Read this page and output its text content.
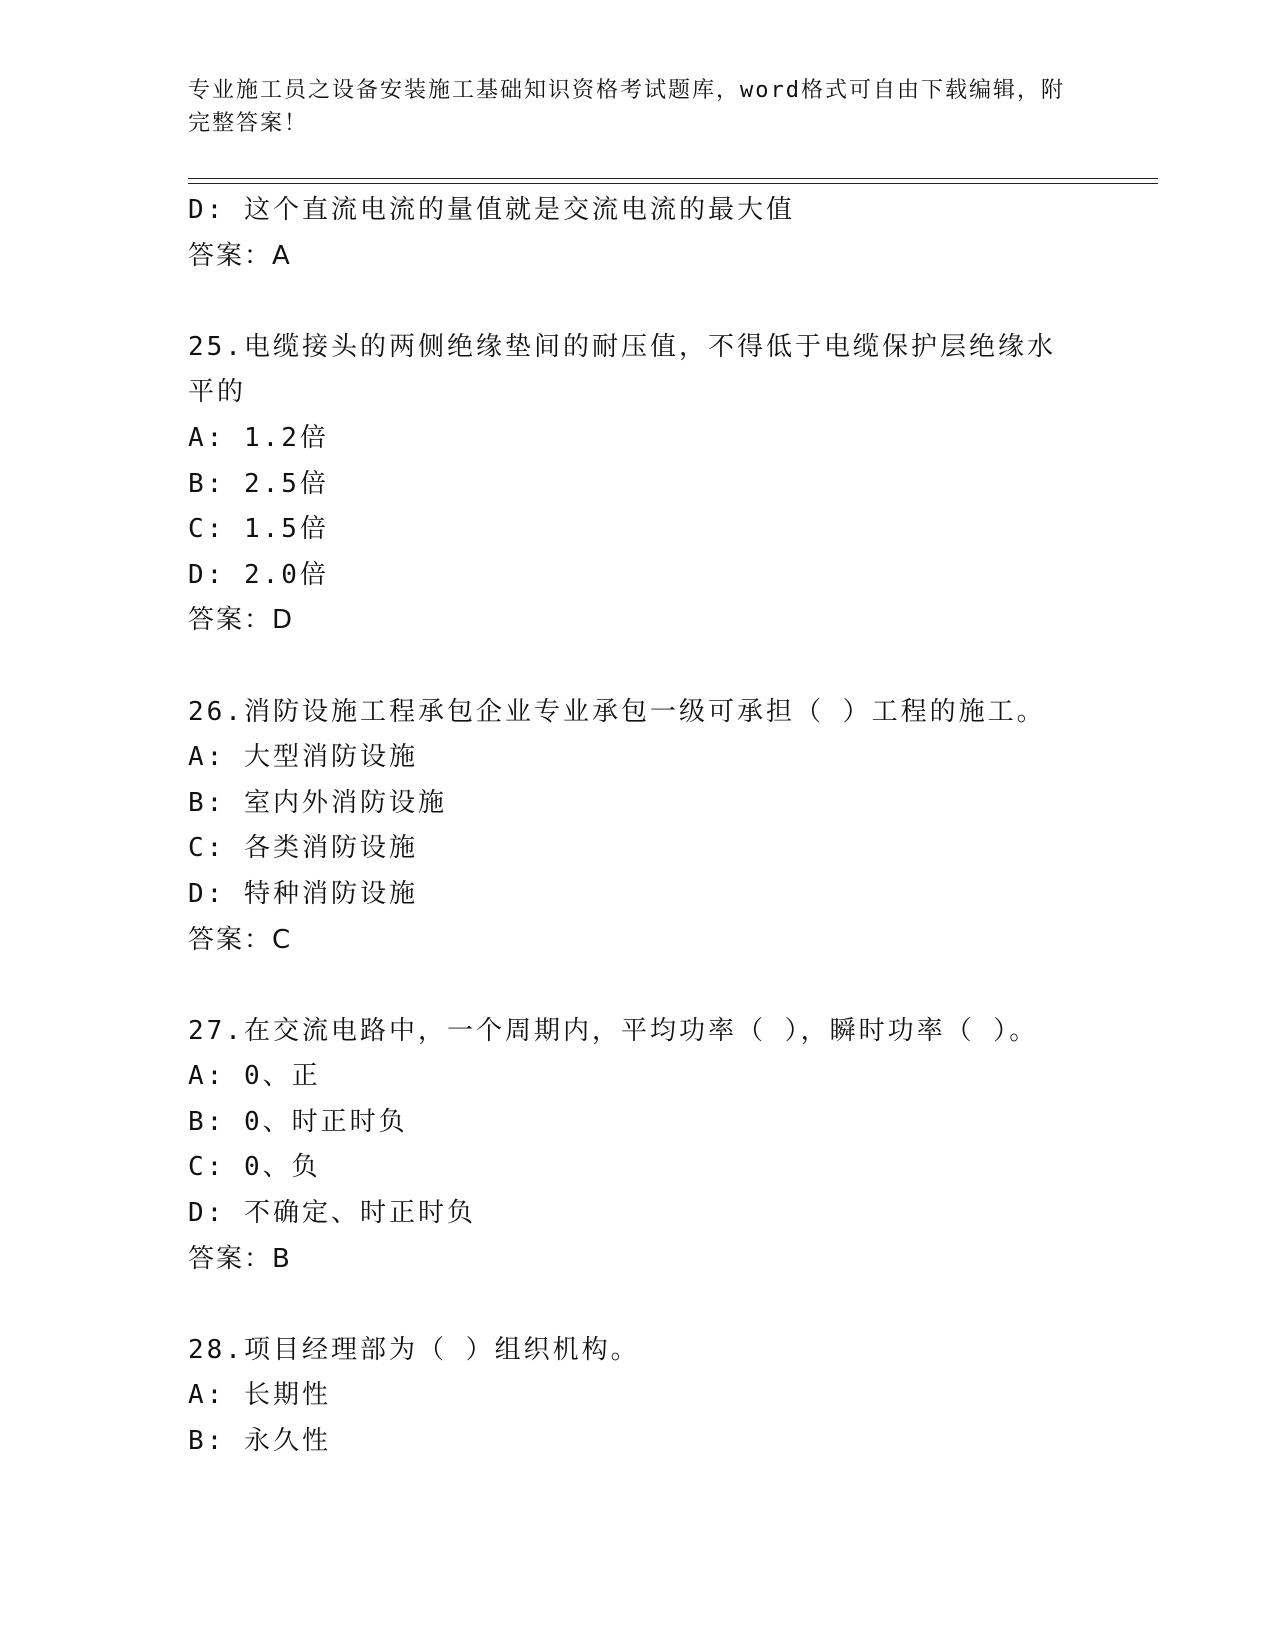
专业施工员之设备安装施工基础知识资格考试题库，word格式可自由下载编辑，附完整答案！
D: 这个直流电流的量值就是交流电流的最大值
答案：A
25.电缆接头的两侧绝缘垫间的耐压值，不得低于电缆保护层绝缘水平的
A: 1.2倍
B: 2.5倍
C: 1.5倍
D: 2.0倍
答案：D
26.消防设施工程承包企业专业承包一级可承担（ ）工程的施工。
A: 大型消防设施
B: 室内外消防设施
C: 各类消防设施
D: 特种消防设施
答案：C
27.在交流电路中，一个周期内，平均功率（ ），瞬时功率（ ）。
A: 0、正
B: 0、时正时负
C: 0、负
D: 不确定、时正时负
答案：B
28.项目经理部为（ ）组织机构。
A: 长期性
B: 永久性
